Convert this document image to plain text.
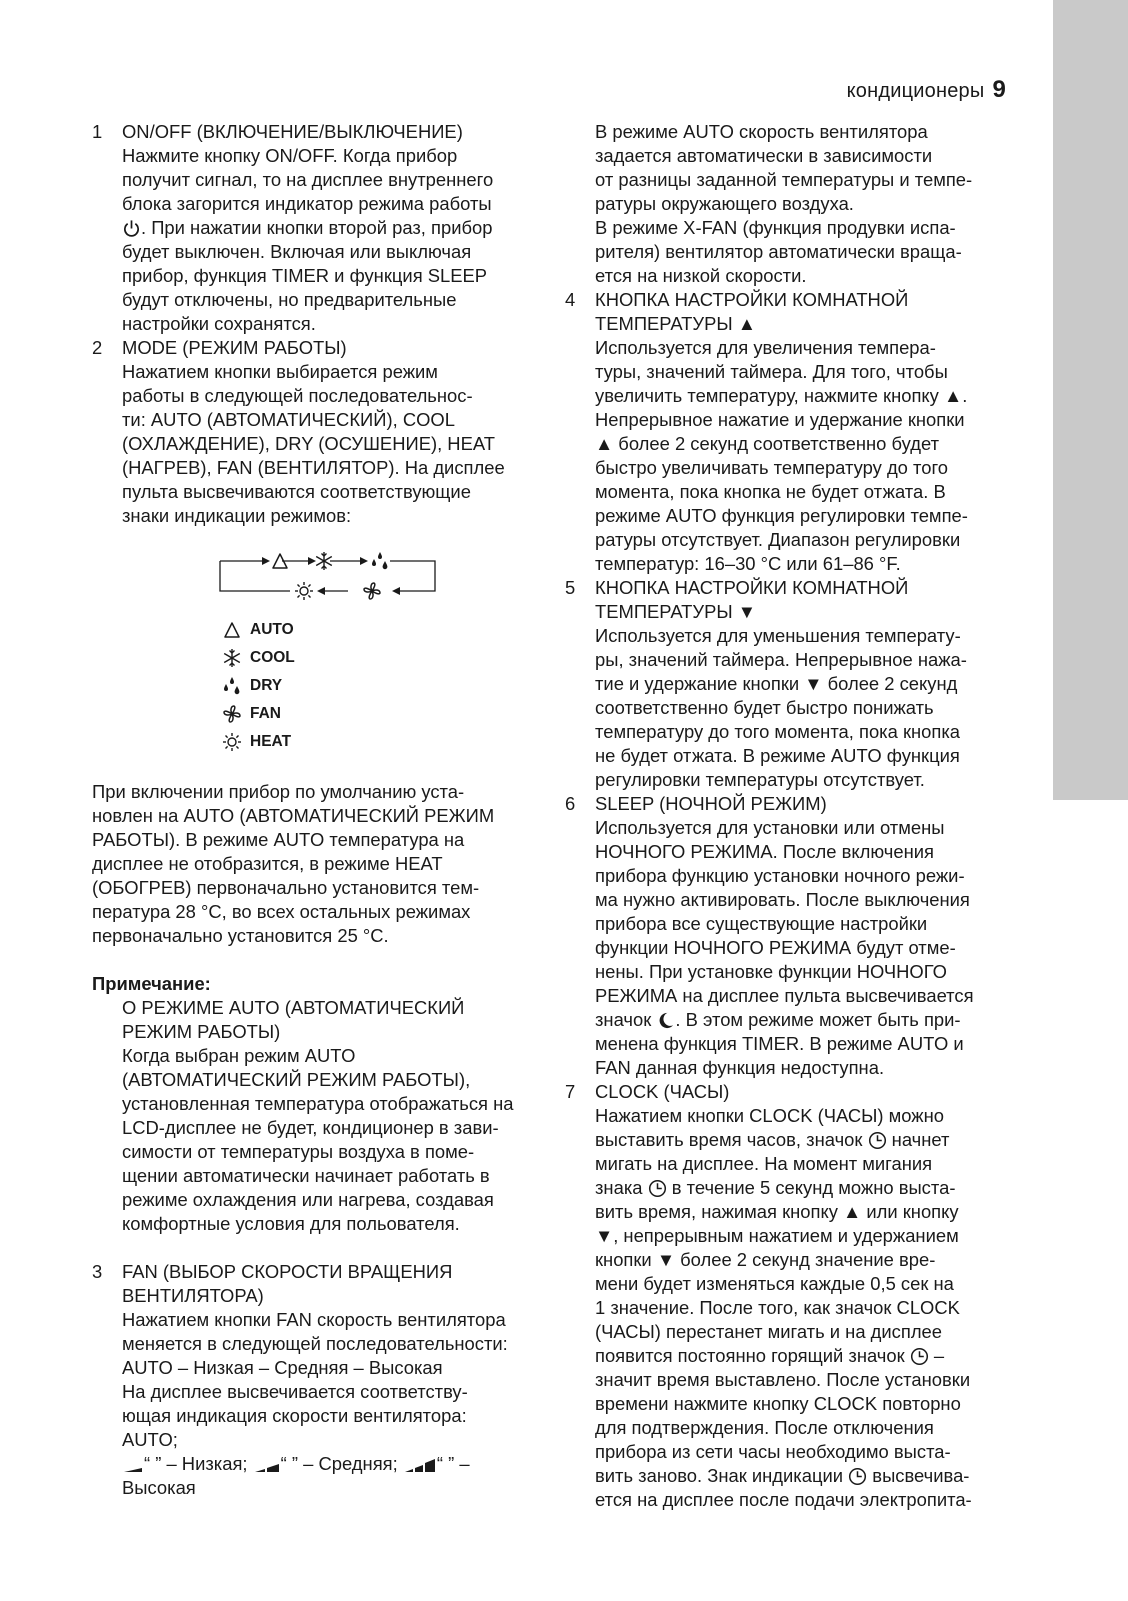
кондиционеры 9
1 ON/OFF (ВКЛЮЧЕНИЕ/ВЫКЛЮЧЕНИЕ)
Нажмите кнопку ON/OFF. Когда прибор
получит сигнал, то на дисплее внутреннего
блока загорится индикатор режима работы
. При нажатии кнопки второй раз, прибор
будет выключен. Включая или выключая
прибор, функция TIMER и функция SLEEP
будут отключены, но предварительные
настройки сохранятся.
2 MODE (РЕЖИМ РАБОТЫ)
Нажатием кнопки выбирается режим
работы в следующей последовательнос-
ти: AUTO (АВТОМАТИЧЕСКИЙ), COOL
(ОХЛАЖДЕНИЕ), DRY (ОСУШЕНИЕ), HEAT
(НАГРЕВ), FAN (ВЕНТИЛЯТОР). На дисплее
пульта высвечиваются соответствующие
знаки индикации режимов:
AUTO
COOL
DRY
FAN
HEAT
При включении прибор по умолчанию уста-
новлен на AUTO (АВТОМАТИЧЕСКИЙ РЕЖИМ
РАБОТЫ). В режиме AUTO температура на
дисплее не отобразится, в режиме HEAT
(ОБОГРЕВ) первоначально установится тем-
пература 28 °C, во всех остальных режимах
первоначально установится 25 °C.
Примечание:
О РЕЖИМЕ AUTO (АВТОМАТИЧЕСКИЙ
РЕЖИМ РАБОТЫ)
Когда выбран режим AUTO
(АВТОМАТИЧЕСКИЙ РЕЖИМ РАБОТЫ),
установленная температура отображаться на
LCD-дисплее не будет, кондиционер в зави-
симости от температуры воздуха в поме-
щении автоматически начинает работать в
режиме охлаждения или нагрева, создавая
комфортные условия для польователя.
3 FAN (ВЫБОР СКОРОСТИ ВРАЩЕНИЯ
ВЕНТИЛЯТОРА)
Нажатием кнопки FAN скорость вентилятора
меняется в следующей последовательности:
AUTO – Низкая – Средняя – Высокая
На дисплее высвечивается соответству-
ющая индикация скорости вентилятора:
AUTO;
“ ” – Низкая; “ ” – Средняя; “ ” –
Высокая
В режиме AUTO скорость вентилятора
задается автоматически в зависимости
от разницы заданной температуры и темпе-
ратуры окружающего воздуха.
В режиме X-FAN (функция продувки испа-
рителя) вентилятор автоматически враща-
ется на низкой скорости.
4 КНОПКА НАСТРОЙКИ КОМНАТНОЙ
ТЕМПЕРАТУРЫ ▲
Используется для увеличения темпера-
туры, значений таймера. Для того, чтобы
увеличить температуру, нажмите кнопку ▲.
Непрерывное нажатие и удержание кнопки
▲ более 2 секунд соответственно будет
быстро увеличивать температуру до того
момента, пока кнопка не будет отжата. В
режиме AUTO функция регулировки темпе-
ратуры отсутствует. Диапазон регулировки
температур: 16–30 °C или 61–86 °F.
5 КНОПКА НАСТРОЙКИ КОМНАТНОЙ
ТЕМПЕРАТУРЫ ▼
Используется для уменьшения температу-
ры, значений таймера. Непрерывное нажа-
тие и удержание кнопки ▼ более 2 секунд
соответственно будет быстро понижать
температуру до того момента, пока кнопка
не будет отжата. В режиме AUTO функция
регулировки температуры отсутствует.
6 SLEEP (НОЧНОЙ РЕЖИМ)
Используется для установки или отмены
НОЧНОГО РЕЖИМА. После включения
прибора функцию установки ночного режи-
ма нужно активировать. После выключения
прибора все существующие настройки
функции НОЧНОГО РЕЖИМА будут отме-
нены. При установке функции НОЧНОГО
РЕЖИМА на дисплее пульта высвечивается
значок . В этом режиме может быть при-
менена функция TIMER. В режиме AUTO и
FAN данная функция недоступна.
7 CLOCK (ЧАСЫ)
Нажатием кнопки CLOCK (ЧАСЫ) можно
выставить время часов, значок  начнет
мигать на дисплее. На момент мигания
знака  в течение 5 секунд можно выста-
вить время, нажимая кнопку ▲ или кнопку
▼, непрерывным нажатием и удержанием
кнопки ▼ более 2 секунд значение вре-
мени будет изменяться каждые 0,5 сек на
1 значение. После того, как значок CLOCK
(ЧАСЫ) перестанет мигать и на дисплее
появится постоянно горящий значок  –
значит время выставлено. После установки
времени нажмите кнопку CLOCK повторно
для подтверждения. После отключения
прибора из сети часы необходимо выста-
вить заново. Знак индикации  высвечива-
ется на дисплее после подачи электропита-
